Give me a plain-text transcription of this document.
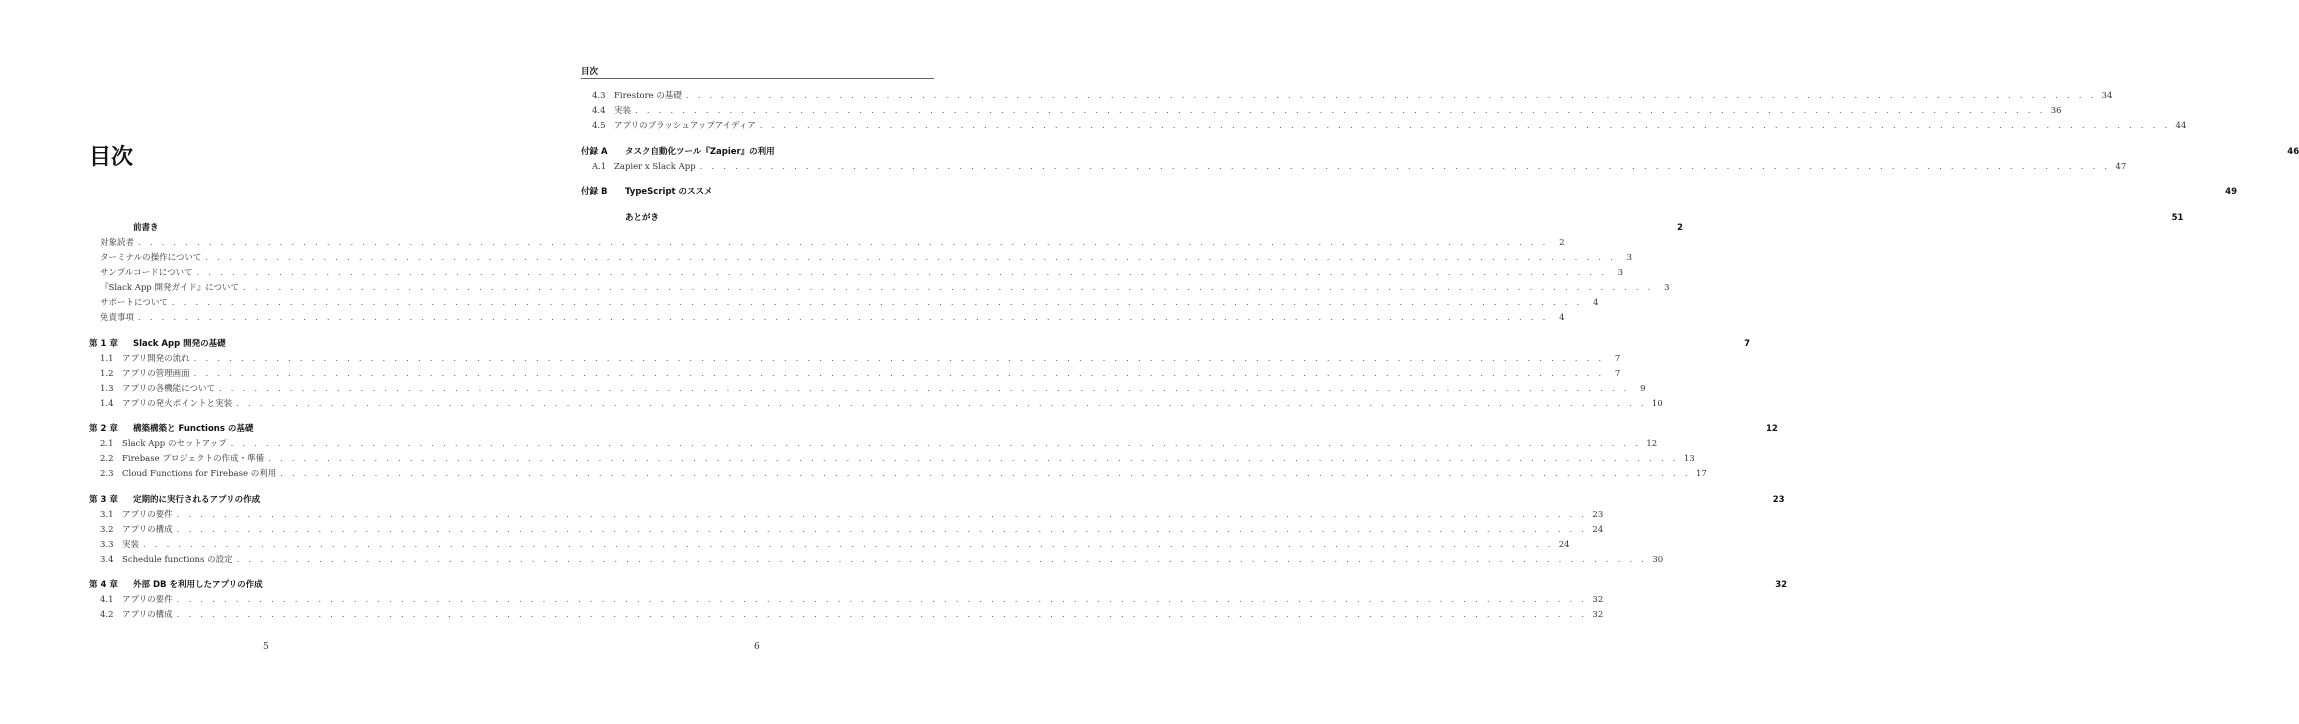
目次
前書き	2
対象読者 . . . . . . . . . . . . . . . . . . . . . . . . . . . . . . . . . . . . . . . . . . . . . . . . . . . . . . . . . . . . . . . . . . . . . . . . . . . . . . . . . . . . . . . . . . . . . . . . . . . . . . . . . . . . . . . . . . . . . . . .	2
ターミナルの操作について . . . . . . . . . . . . . . . . . . . . . . . . . . . . . . . . . . . . . . . . . . . . . . . . . . . . . . . . . . . . . . . . . . . . . . . . . . . . . . . . . . . . . . . . . . . . . . . . . . . . . . . . . . . . . . . . . . . . . . . .	3
サンプルコードについて . . . . . . . . . . . . . . . . . . . . . . . . . . . . . . . . . . . . . . . . . . . . . . . . . . . . . . . . . . . . . . . . . . . . . . . . . . . . . . . . . . . . . . . . . . . . . . . . . . . . . . . . . . . . . . . . . . . . . . . .	3
『Slack App 開発ガイド』について . . . . . . . . . . . . . . . . . . . . . . . . . . . . . . . . . . . . . . . . . . . . . . . . . . . . . . . . . . . . . . . . . . . . . . . . . . . . . . . . . . . . . . . . . . . . . . . . . . . . . . . . . . . . . . . . . . . . . . . .	3
サポートについて . . . . . . . . . . . . . . . . . . . . . . . . . . . . . . . . . . . . . . . . . . . . . . . . . . . . . . . . . . . . . . . . . . . . . . . . . . . . . . . . . . . . . . . . . . . . . . . . . . . . . . . . . . . . . . . . . . . . . . . .	4
免責事項 . . . . . . . . . . . . . . . . . . . . . . . . . . . . . . . . . . . . . . . . . . . . . . . . . . . . . . . . . . . . . . . . . . . . . . . . . . . . . . . . . . . . . . . . . . . . . . . . . . . . . . . . . . . . . . . . . . . . . . . .	4
第 1 章	Slack App 開発の基礎	7
1.1 アプリ開発の流れ . . . . . . . . . . . . . . . . . . . . . . . . . . . . . . . . . . . . . . . . . . . . . . . . . . . . . . . . . . . . . . . . . . . . . . . . . . . . . . . . . . . . . . . . . . . . . . . . . . . . . . . . . . . . . . . . . . . . . . . .	7
1.2 アプリの管理画面 . . . . . . . . . . . . . . . . . . . . . . . . . . . . . . . . . . . . . . . . . . . . . . . . . . . . . . . . . . . . . . . . . . . . . . . . . . . . . . . . . . . . . . . . . . . . . . . . . . . . . . . . . . . . . . . . . . . . . . . .	7
1.3 アプリの各機能について . . . . . . . . . . . . . . . . . . . . . . . . . . . . . . . . . . . . . . . . . . . . . . . . . . . . . . . . . . . . . . . . . . . . . . . . . . . . . . . . . . . . . . . . . . . . . . . . . . . . . . . . . . . . . . . . . . . . . . . .	9
1.4 アプリの発火ポイントと実装 . . . . . . . . . . . . . . . . . . . . . . . . . . . . . . . . . . . . . . . . . . . . . . . . . . . . . . . . . . . . . . . . . . . . . . . . . . . . . . . . . . . . . . . . . . . . . . . . . . . . . . . . . . . . . . . . . . . . . . . . 10
第 2 章	構築構築と Functions の基礎	12
2.1 Slack App のセットアップ . . . . . . . . . . . . . . . . . . . . . . . . . . . . . . . . . . . . . . . . . . . . . . . . . . . . . . . . . . . . . . . . . . . . . . . . . . . . . . . . . . . . . . . . . . . . . . . . . . . . . . . . . . . . . . . . . . . . . . . . 12
2.2 Firebase プロジェクトの作成・準備 . . . . . . . . . . . . . . . . . . . . . . . . . . . . . . . . . . . . . . . . . . . . . . . . . . . . . . . . . . . . . . . . . . . . . . . . . . . . . . . . . . . . . . . . . . . . . . . . . . . . . . . . . . . . . . . . . . . . . . . . 13
2.3 Cloud Functions for Firebase の利用 . . . . . . . . . . . . . . . . . . . . . . . . . . . . . . . . . . . . . . . . . . . . . . . . . . . . . . . . . . . . . . . . . . . . . . . . . . . . . . . . . . . . . . . . . . . . . . . . . . . . . . . . . . . . . . . . . . . . . . . . 17
第 3 章	定期的に実行されるアプリの作成	23
3.1 アプリの要件 . . . . . . . . . . . . . . . . . . . . . . . . . . . . . . . . . . . . . . . . . . . . . . . . . . . . . . . . . . . . . . . . . . . . . . . . . . . . . . . . . . . . . . . . . . . . . . . . . . . . . . . . . . . . . . . . . . . . . . . . 23
3.2 アプリの構成 . . . . . . . . . . . . . . . . . . . . . . . . . . . . . . . . . . . . . . . . . . . . . . . . . . . . . . . . . . . . . . . . . . . . . . . . . . . . . . . . . . . . . . . . . . . . . . . . . . . . . . . . . . . . . . . . . . . . . . . . 24
3.3 実装 . . . . . . . . . . . . . . . . . . . . . . . . . . . . . . . . . . . . . . . . . . . . . . . . . . . . . . . . . . . . . . . . . . . . . . . . . . . . . . . . . . . . . . . . . . . . . . . . . . . . . . . . . . . . . . . . . . . . . . . . 24
3.4 Schedule functions の設定 . . . . . . . . . . . . . . . . . . . . . . . . . . . . . . . . . . . . . . . . . . . . . . . . . . . . . . . . . . . . . . . . . . . . . . . . . . . . . . . . . . . . . . . . . . . . . . . . . . . . . . . . . . . . . . . . . . . . . . . . 30
第 4 章	外部 DB を利用したアプリの作成	32
4.1 アプリの要件 . . . . . . . . . . . . . . . . . . . . . . . . . . . . . . . . . . . . . . . . . . . . . . . . . . . . . . . . . . . . . . . . . . . . . . . . . . . . . . . . . . . . . . . . . . . . . . . . . . . . . . . . . . . . . . . . . . . . . . . . 32
4.2 アプリの構成 . . . . . . . . . . . . . . . . . . . . . . . . . . . . . . . . . . . . . . . . . . . . . . . . . . . . . . . . . . . . . . . . . . . . . . . . . . . . . . . . . . . . . . . . . . . . . . . . . . . . . . . . . . . . . . . . . . . . . . . . 32
5
目次
4.3 Firestore の基礎 . . . . . . . . . . . . . . . . . . . . . . . . . . . . . . . . . . . . . . . . . . . . . . . . . . . . . . . . . . . . . . . . . . . . . . . . . . . . . . . . . . . . . . . . . . . . . . . . . . . . . . . . . . . . . . . . . . . . . . . . 34
4.4 実装 . . . . . . . . . . . . . . . . . . . . . . . . . . . . . . . . . . . . . . . . . . . . . . . . . . . . . . . . . . . . . . . . . . . . . . . . . . . . . . . . . . . . . . . . . . . . . . . . . . . . . . . . . . . . . . . . . . . . . . . . 36
4.5 アプリのブラッシュアップアイディア . . . . . . . . . . . . . . . . . . . . . . . . . . . . . . . . . . . . . . . . . . . . . . . . . . . . . . . . . . . . . . . . . . . . . . . . . . . . . . . . . . . . . . . . . . . . . . . . . . . . . . . . . . . . . . . . . . . . . . . . 44
付録 A	タスク自動化ツール『Zapier』の利用	46
A.1 Zapier x Slack App . . . . . . . . . . . . . . . . . . . . . . . . . . . . . . . . . . . . . . . . . . . . . . . . . . . . . . . . . . . . . . . . . . . . . . . . . . . . . . . . . . . . . . . . . . . . . . . . . . . . . . . . . . . . . . . . . . . . . . . . 47
付録 B	TypeScript のススメ	49
あとがき	51
6
